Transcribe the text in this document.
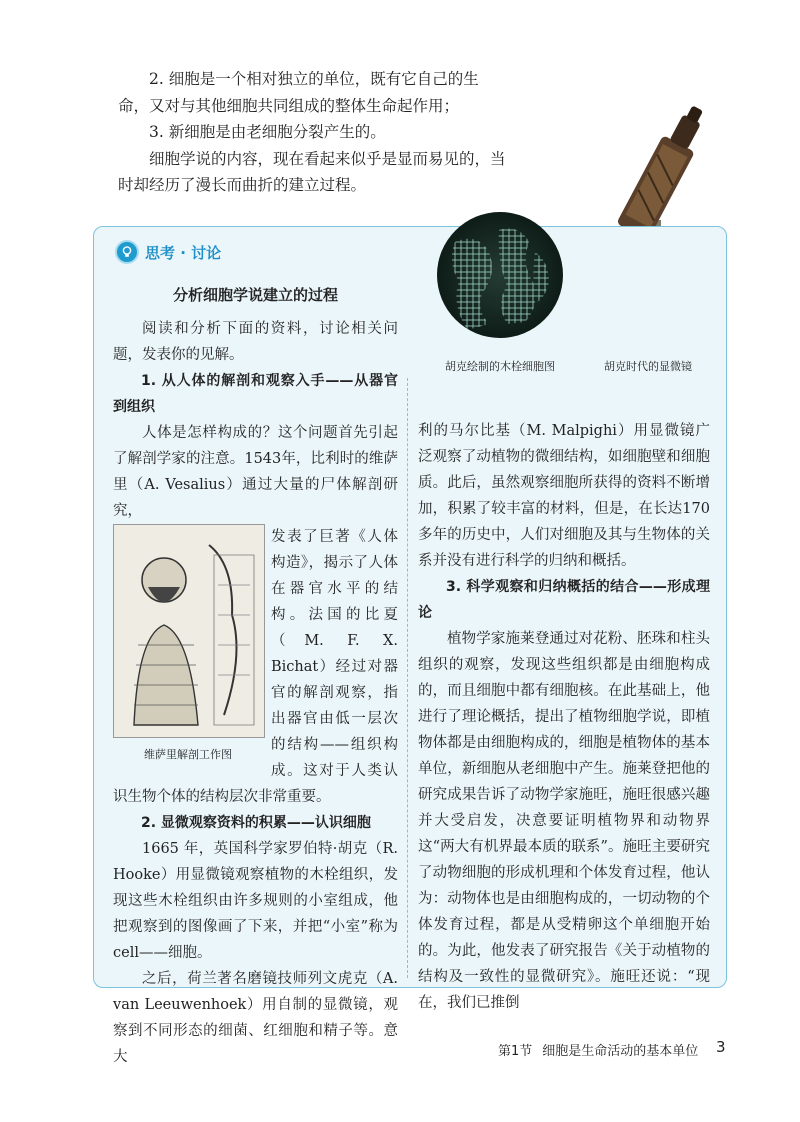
2. 细胞是一个相对独立的单位，既有它自己的生命，又对与其他细胞共同组成的整体生命起作用；

3. 新细胞是由老细胞分裂产生的。

细胞学说的内容，现在看起来似乎是显而易见的，当时却经历了漫长而曲折的建立过程。

思考 · 讨论
胡克绘制的木栓细胞图	胡克时代的显微镜

分析细胞学说建立的过程

阅读和分析下面的资料，讨论相关问题，发表你的见解。

1. 从人体的解剖和观察入手——从器官到组织

人体是怎样构成的？这个问题首先引起了解剖学家的注意。1543年，比利时的维萨里（A. Vesalius）通过大量的尸体解剖研究，

维萨里解剖工作图

发表了巨著《人体构造》，揭示了人体在器官水平的结构。法国的比夏（M. F. X. Bichat）经过对器官的解剖观察，指出器官由低一层次的结构——组织构成。这对于人类认识生物个体的结构层次非常重要。

2. 显微观察资料的积累——认识细胞

1665 年，英国科学家罗伯特·胡克（R. Hooke）用显微镜观察植物的木栓组织，发现这些木栓组织由许多规则的小室组成，他把观察到的图像画了下来，并把“小室”称为cell——细胞。

之后，荷兰著名磨镜技师列文虎克（A. van Leeuwenhoek）用自制的显微镜，观察到不同形态的细菌、红细胞和精子等。意大

利的马尔比基（M. Malpighi）用显微镜广泛观察了动植物的微细结构，如细胞壁和细胞质。此后，虽然观察细胞所获得的资料不断增加，积累了较丰富的材料，但是，在长达170多年的历史中，人们对细胞及其与生物体的关系并没有进行科学的归纳和概括。

3. 科学观察和归纳概括的结合——形成理论

植物学家施莱登通过对花粉、胚珠和柱头组织的观察，发现这些组织都是由细胞构成的，而且细胞中都有细胞核。在此基础上，他进行了理论概括，提出了植物细胞学说，即植物体都是由细胞构成的，细胞是植物体的基本单位，新细胞从老细胞中产生。施莱登把他的研究成果告诉了动物学家施旺，施旺很感兴趣并大受启发，决意要证明植物界和动物界这“两大有机界最本质的联系”。施旺主要研究了动物细胞的形成机理和个体发育过程，他认为：动物体也是由细胞构成的，一切动物的个体发育过程，都是从受精卵这个单细胞开始的。为此，他发表了研究报告《关于动植物的结构及一致性的显微研究》。施旺还说：“现在，我们已推倒

第1节 细胞是生命活动的基本单位	3
